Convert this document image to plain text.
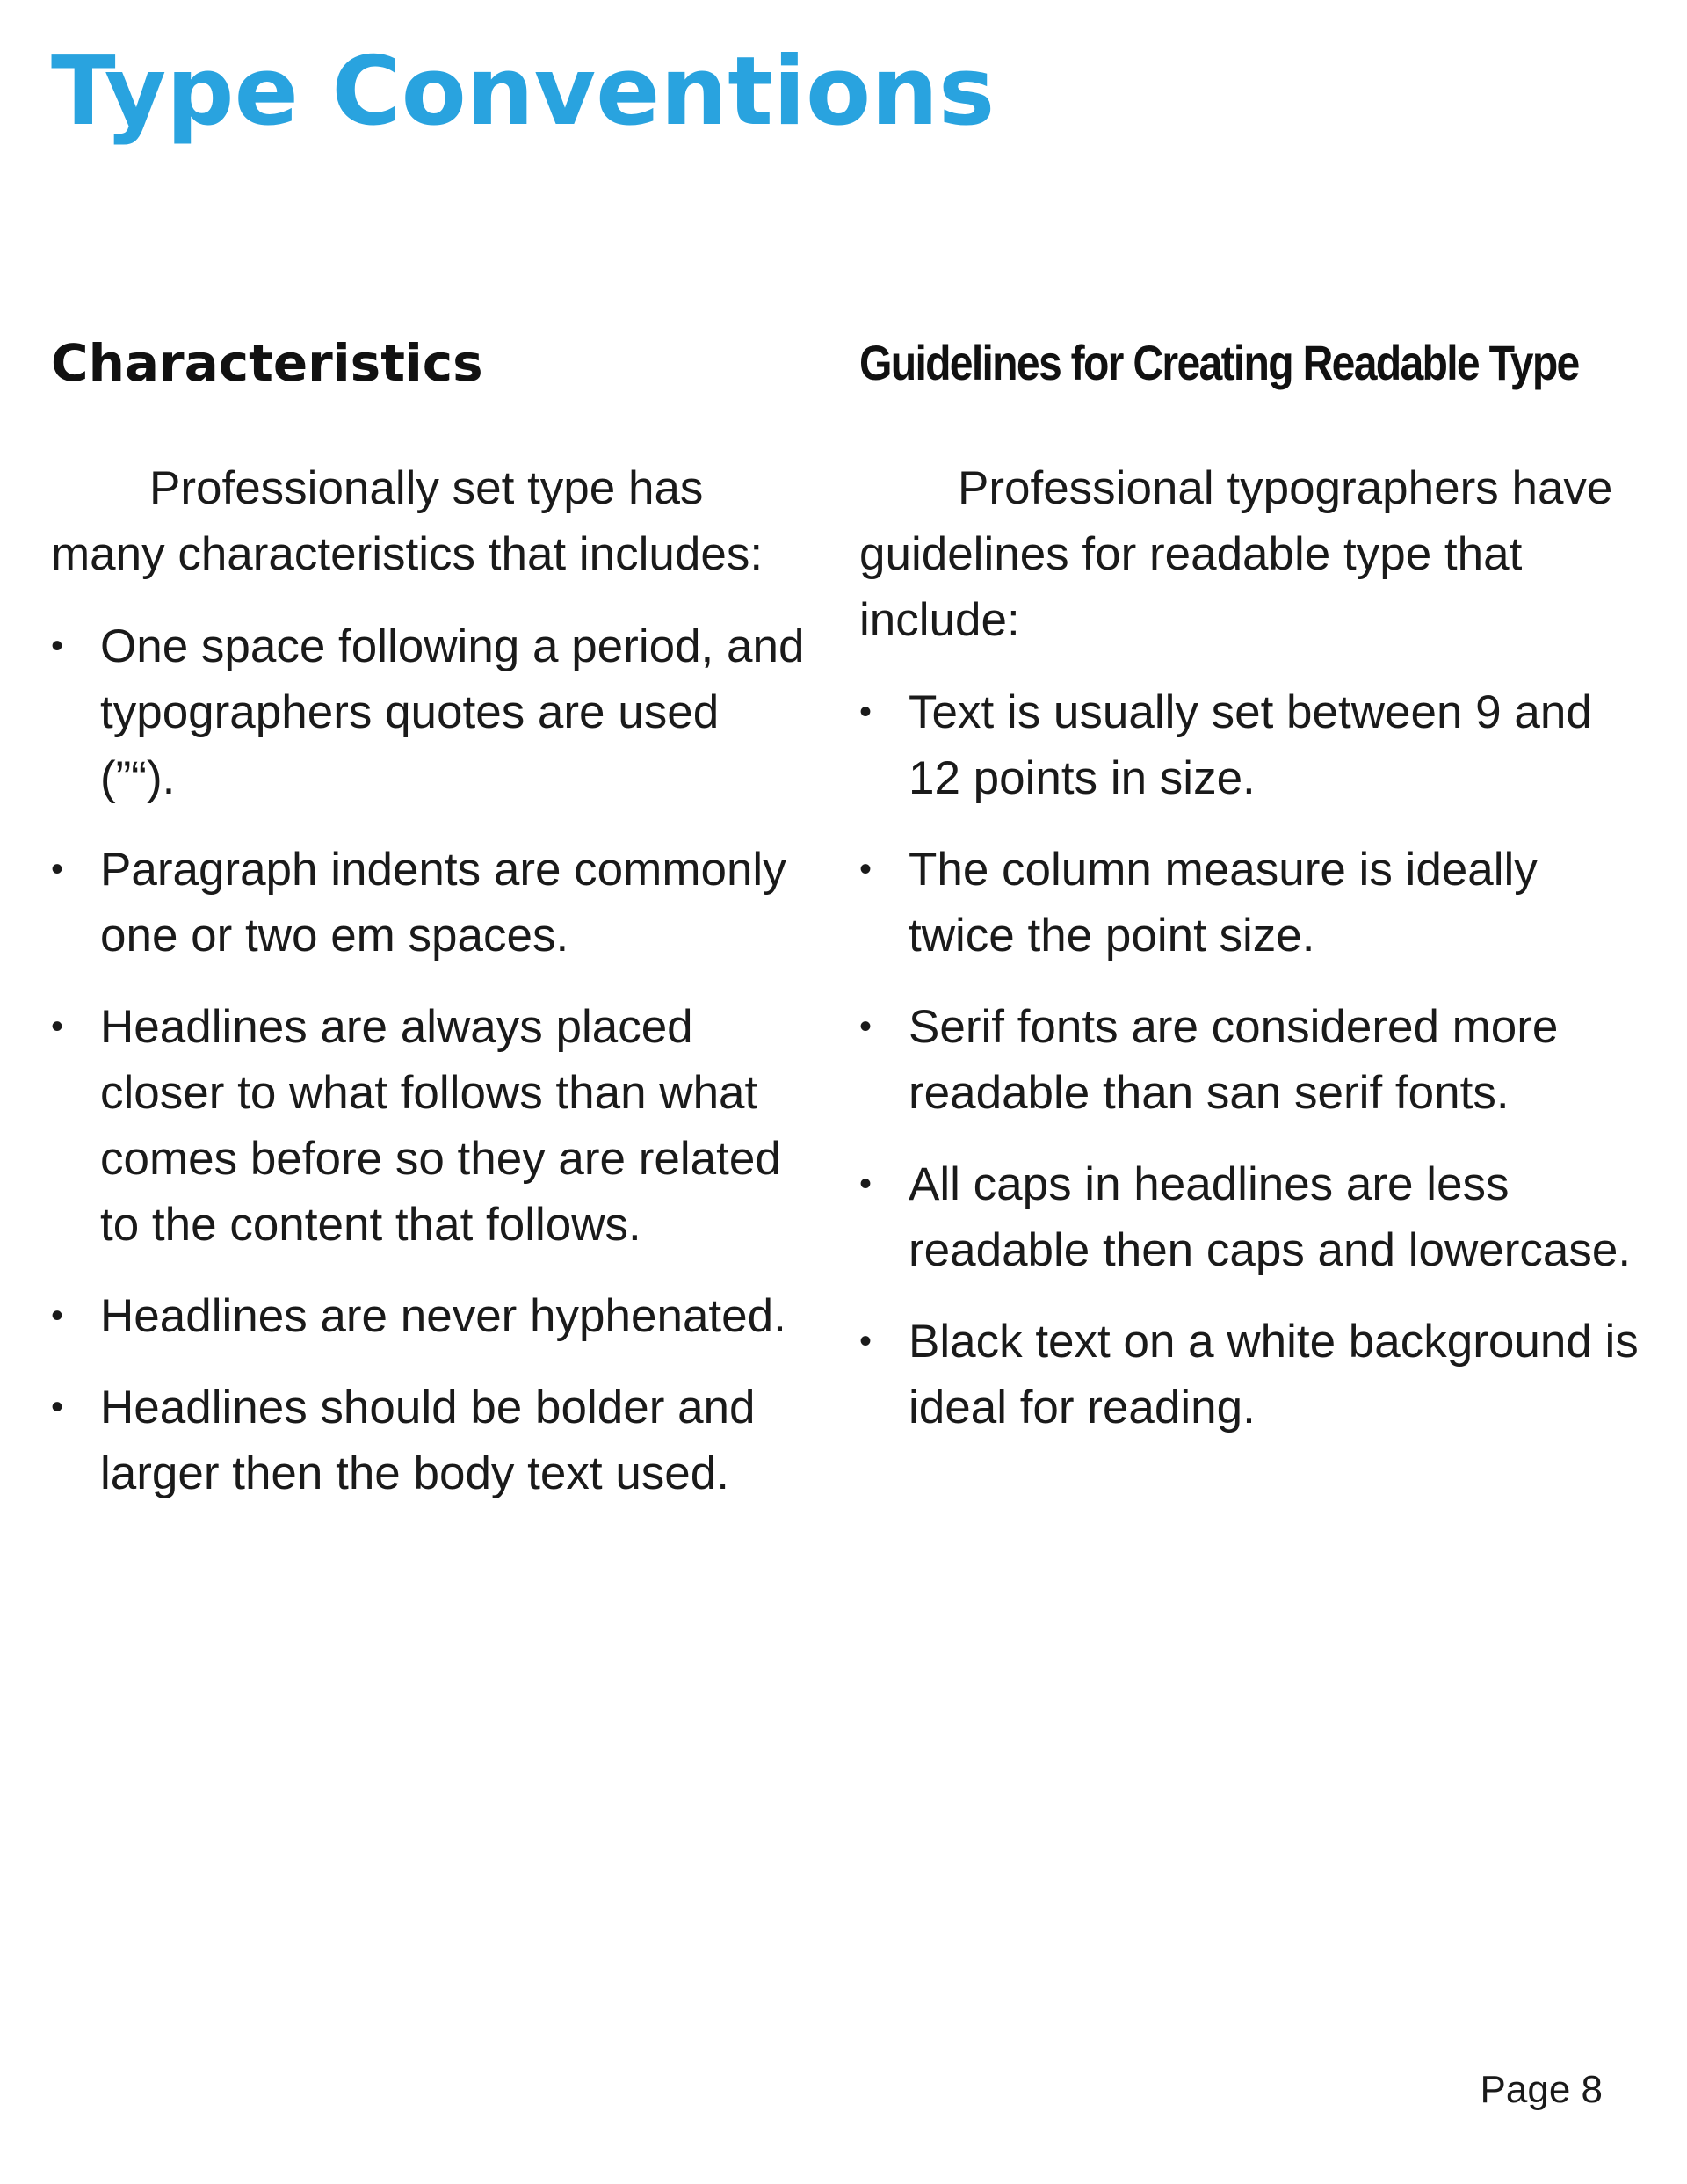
Type Conventions
Characteristics

Professionally set type has many characteristics that includes:

• One space following a period, and typographers quotes are used (”“).
• Paragraph indents are commonly one or two em spaces.
• Headlines are always placed closer to what follows than what comes before so they are related to the content that follows.
• Headlines are never hyphenated.
• Headlines should be bolder and larger then the body text used.
Guidelines for Creating Readable Type

Professional typographers have guidelines for readable type that include:

• Text is usually set between 9 and 12 points in size.
• The column measure is ideally twice the point size.
• Serif fonts are considered more readable than san serif fonts.
• All caps in headlines are less readable then caps and lowercase.
• Black text on a white background is ideal for reading.
Page 8
